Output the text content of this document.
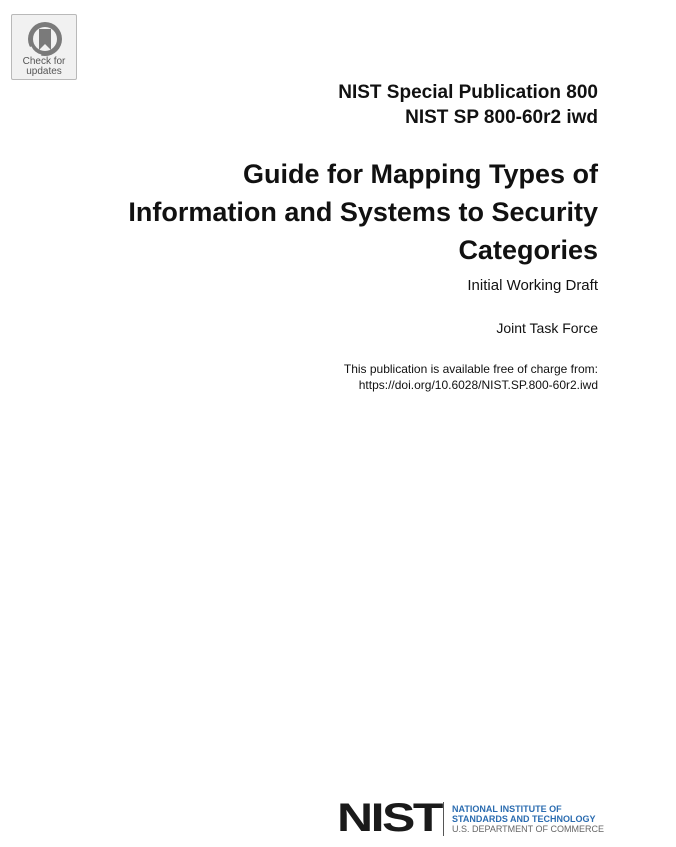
Check for
updates
NIST Special Publication 800
NIST SP 800-60r2 iwd
Guide for Mapping Types of
Information and Systems to Security
Categories
Initial Working Draft
Joint Task Force
This publication is available free of charge from:
https://doi.org/10.6028/NIST.SP.800-60r2.iwd
NIST NATIONAL INSTITUTE OF
STANDARDS AND TECHNOLOGY
U.S. DEPARTMENT OF COMMERCE
